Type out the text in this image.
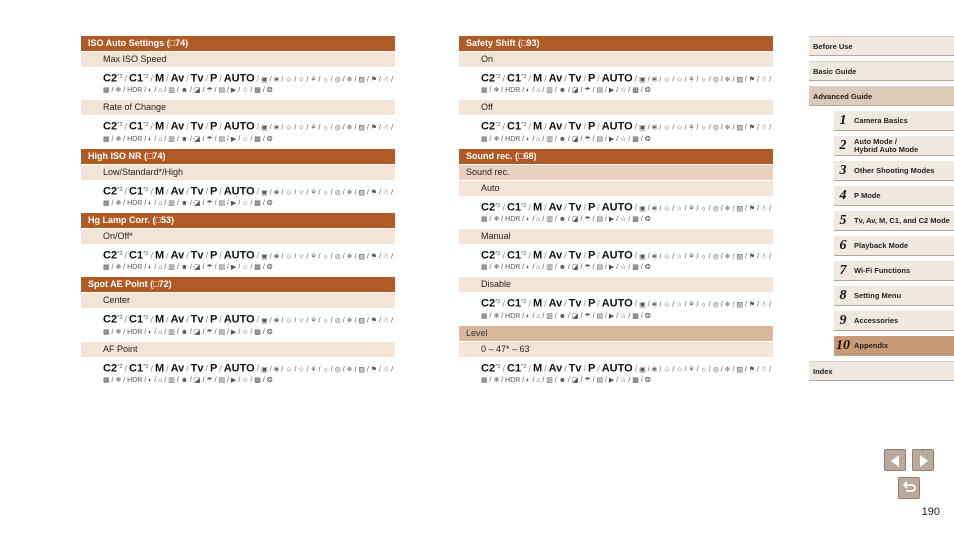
ISO Auto Settings (□74)
Max ISO Speed
C2$^{*2}$ / C1$^{*2}$ / M / Av / Tv / P / AUTO / ▣ / ❀ / ☺ / ☆ / ⚘ / ☼ / ◎ / ❈ / ▨ / ⚑ / ☃ / ▦ / ❄ / HDR / ◐ / ⌂ / ▥ / ☻ / ◪ / ☂ / ▤ / ▶ / ☆ / ▩ / ❂
Rate of Change
C2$^{*2}$ / C1$^{*2}$ / M / Av / Tv / P / AUTO / ▣ / ❀ / ☺ / ☆ / ⚘ / ☼ / ◎ / ❈ / ▨ / ⚑ / ☃ / ▦ / ❄ / HDR / ◐ / ⌂ / ▥ / ☻ / ◪ / ☂ / ▤ / ▶ / ☆ / ▩ / ❂
High ISO NR (□74)
Low/Standard*/High
C2$^{*2}$ / C1$^{*2}$ / M / Av / Tv / P / AUTO / ▣ / ❀ / ☺ / ☆ / ⚘ / ☼ / ◎ / ❈ / ▨ / ⚑ / ☃ / ▦ / ❄ / HDR / ◐ / ⌂ / ▥ / ☻ / ◪ / ☂ / ▤ / ▶ / ☆ / ▩ / ❂
Hg Lamp Corr. (□53)
On/Off*
C2$^{*2}$ / C1$^{*2}$ / M / Av / Tv / P / AUTO / ▣ / ❀ / ☺ / ☆ / ⚘ / ☼ / ◎ / ❈ / ▨ / ⚑ / ☃ / ▦ / ❄ / HDR / ◐ / ⌂ / ▥ / ☻ / ◪ / ☂ / ▤ / ▶ / ☆ / ▩ / ❂
Spot AE Point (□72)
Center
C2$^{*2}$ / C1$^{*2}$ / M / Av / Tv / P / AUTO / ▣ / ❀ / ☺ / ☆ / ⚘ / ☼ / ◎ / ❈ / ▨ / ⚑ / ☃ / ▦ / ❄ / HDR / ◐ / ⌂ / ▥ / ☻ / ◪ / ☂ / ▤ / ▶ / ☆ / ▩ / ❂
AF Point
C2$^{*2}$ / C1$^{*2}$ / M / Av / Tv / P / AUTO / ▣ / ❀ / ☺ / ☆ / ⚘ / ☼ / ◎ / ❈ / ▨ / ⚑ / ☃ / ▦ / ❄ / HDR / ◐ / ⌂ / ▥ / ☻ / ◪ / ☂ / ▤ / ▶ / ☆ / ▩ / ❂
Safety Shift (□93)
On
C2$^{*2}$ / C1$^{*2}$ / M / Av / Tv / P / AUTO / ▣ / ❀ / ☺ / ☆ / ⚘ / ☼ / ◎ / ❈ / ▨ / ⚑ / ☃ / ▦ / ❄ / HDR / ◐ / ⌂ / ▥ / ☻ / ◪ / ☂ / ▤ / ▶ / ☆ / ▩ / ❂
Off
C2$^{*2}$ / C1$^{*2}$ / M / Av / Tv / P / AUTO / ▣ / ❀ / ☺ / ☆ / ⚘ / ☼ / ◎ / ❈ / ▨ / ⚑ / ☃ / ▦ / ❄ / HDR / ◐ / ⌂ / ▥ / ☻ / ◪ / ☂ / ▤ / ▶ / ☆ / ▩ / ❂
Sound rec. (□68)
Sound rec.
Auto
C2$^{*2}$ / C1$^{*2}$ / M / Av / Tv / P / AUTO / ▣ / ❀ / ☺ / ☆ / ⚘ / ☼ / ◎ / ❈ / ▨ / ⚑ / ☃ / ▦ / ❄ / HDR / ◐ / ⌂ / ▥ / ☻ / ◪ / ☂ / ▤ / ▶ / ☆ / ▩ / ❂
Manual
C2$^{*2}$ / C1$^{*2}$ / M / Av / Tv / P / AUTO / ▣ / ❀ / ☺ / ☆ / ⚘ / ☼ / ◎ / ❈ / ▨ / ⚑ / ☃ / ▦ / ❄ / HDR / ◐ / ⌂ / ▥ / ☻ / ◪ / ☂ / ▤ / ▶ / ☆ / ▩ / ❂
Disable
C2$^{*2}$ / C1$^{*2}$ / M / Av / Tv / P / AUTO / ▣ / ❀ / ☺ / ☆ / ⚘ / ☼ / ◎ / ❈ / ▨ / ⚑ / ☃ / ▦ / ❄ / HDR / ◐ / ⌂ / ▥ / ☻ / ◪ / ☂ / ▤ / ▶ / ☆ / ▩ / ❂
Level
0 – 47* – 63
C2$^{*2}$ / C1$^{*2}$ / M / Av / Tv / P / AUTO / ▣ / ❀ / ☺ / ☆ / ⚘ / ☼ / ◎ / ❈ / ▨ / ⚑ / ☃ / ▦ / ❄ / HDR / ◐ / ⌂ / ▥ / ☻ / ◪ / ☂ / ▤ / ▶ / ☆ / ▩ / ❂
Before Use
Basic Guide
Advanced Guide
1	Camera Basics
2	Auto Mode /
Hybrid Auto Mode
3	Other Shooting Modes
4	P Mode
5	Tv, Av, M, C1, and C2 Mode
6	Playback Mode
7	Wi-Fi Functions
8	Setting Menu
9	Accessories
10 Appendix
Index
190
